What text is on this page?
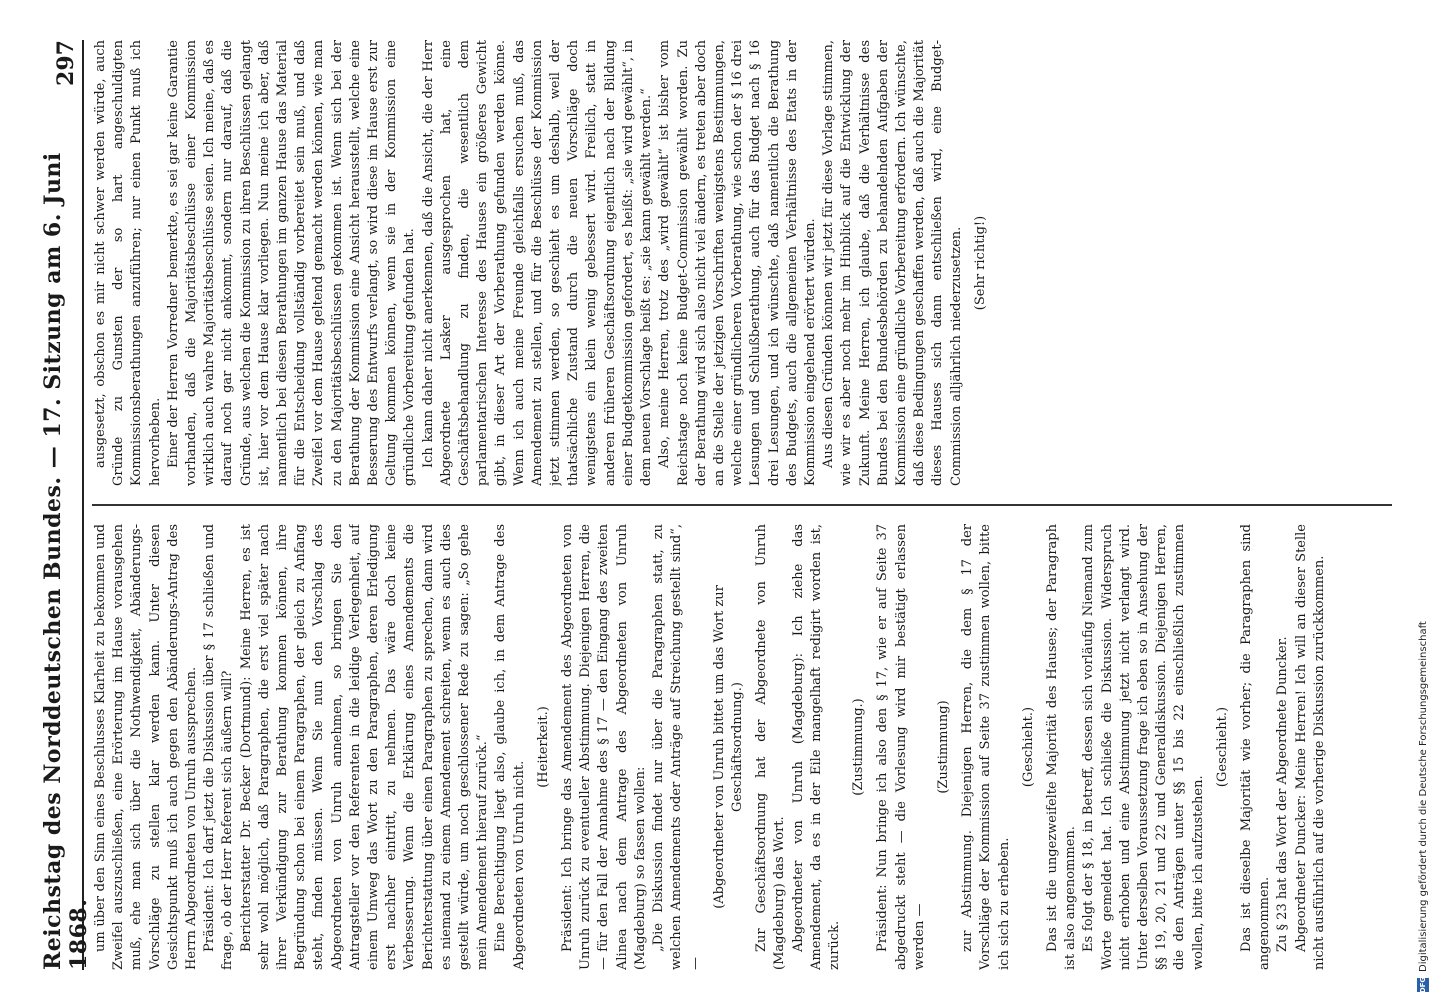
Reichstag des Norddeutschen Bundes. — 17. Sitzung am 6. Juni 1868.
297

um über den Sinn eines Beschlusses Klarheit zu bekommen und Zweifel auszuschließen, eine Erörterung im Hause vorausgehen muß, ehe man sich über die Nothwendigkeit, Abänderungs-Vorschläge zu stellen klar werden kann. Unter diesen Gesichtspunkt muß ich auch gegen den Abänderungs-Antrag des Herrn Abgeordneten von Unruh aussprechen. Präsident: Ich darf jetzt die Diskussion über § 17 schließen und frage, ob der Herr Referent sich äußern will? Berichterstatter Dr. Becker (Dortmund): Meine Herren, es ist sehr wohl möglich, daß Paragraphen, die erst viel später nach ihrer Verkündigung zur Berathung kommen können, ihre Begründung schon bei einem Paragraphen, der gleich zu Anfang steht, finden müssen. Wenn Sie nun den Vorschlag des Abgeordneten von Unruh annehmen, so bringen Sie den Antragsteller vor den Referenten in die leidige Verlegenheit, auf einem Umweg das Wort zu den Paragraphen, deren Erledigung erst nachher eintritt, zu nehmen. Das wäre doch keine Verbesserung. Wenn die Erklärung eines Amendements die Berichterstattung über einen Paragraphen zu sprechen, dann wird es niemand zu einem Amendement schreiten, wenn es auch dies gestellt würde, um noch geschlossener Rede zu sagen: „So gehe mein Amendement hierauf zurück.“ Eine Berechtigung liegt also, glaube ich, in dem Antrage des Abgeordneten von Unruh nicht.

(Heiterkeit.) Präsident: Ich bringe das Amendement des Abgeordneten von Unruh zurück zu eventueller Abstimmung. Diejenigen Herren, die — für den Fall der Annahme des § 17 — den Eingang des zweiten Alinea nach dem Antrage des Abgeordneten von Unruh (Magdeburg) so fassen wollen: „Die Diskussion findet nur über die Paragraphen statt, zu welchen Amendements oder Anträge auf Streichung gestellt sind“, —

(Abgeordneter von Unruh bittet um das Wort zur Geschäftsordnung.) Zur Geschäftsordnung hat der Abgeordnete von Unruh (Magdeburg) das Wort. Abgeordneter von Unruh (Magdeburg): Ich ziehe das Amendement, da es in der Eile mangelhaft redigirt worden ist, zurück.

(Zustimmung.) Präsident: Nun bringe ich also den § 17, wie er auf Seite 37 abgedruckt steht — die Vorlesung wird mir bestätigt erlassen werden —

(Zustimmung) zur Abstimmung. Diejenigen Herren, die dem § 17 der Vorschläge der Kommission auf Seite 37 zustimmen wollen, bitte ich sich zu erheben.

(Geschieht.) Das ist die ungezweifelte Majorität des Hauses; der Paragraph ist also angenommen. Es folgt der § 18, in Betreff, dessen sich vorläufig Niemand zum Worte gemeldet hat. Ich schließe die Diskussion. Widerspruch nicht erhoben und eine Abstimmung jetzt nicht verlangt wird. Unter derselben Voraussetzung frage ich eben so in Ansehung der §§ 19, 20, 21 und 22 und Generaldiskussion. Diejenigen Herren, die den Anträgen unter §§ 15 bis 22 einschließlich zustimmen wollen, bitte ich aufzustehen.

(Geschieht.) Das ist dieselbe Majorität wie vorher; die Paragraphen sind angenommen. Zu § 23 hat das Wort der Abgeordnete Duncker. Abgeordneter Duncker: Meine Herren! Ich will an dieser Stelle nicht ausführlich auf die vorherige Diskussion zurückkommen.

ausgesetzt, obschon es mir nicht schwer werden würde, auch Gründe zu Gunsten der so hart angeschuldigten Kommissionsberathungen anzuführen; nur einen Punkt muß ich hervorheben. Einer der Herren Vorredner bemerkte, es sei gar keine Garantie vorhanden, daß die Majoritätsbeschlüsse einer Kommission wirklich auch wahre Majoritätsbeschlüsse seien. Ich meine, daß es darauf noch gar nicht ankommt, sondern nur darauf, daß die Gründe, aus welchen die Kommission zu ihren Beschlüssen gelangt ist, hier vor dem Hause klar vorliegen. Nun meine ich aber, daß namentlich bei diesen Berathungen im ganzen Hause das Material für die Entscheidung vollständig vorbereitet sein muß, und daß Zweifel vor dem Hause geltend gemacht werden können, wie man zu den Majoritätsbeschlüssen gekommen ist. Wenn sich bei der Berathung der Kommission eine Ansicht herausstellt, welche eine Besserung des Entwurfs verlangt, so wird diese im Hause erst zur Geltung kommen können, wenn sie in der Kommission eine gründliche Vorbereitung gefunden hat. Ich kann daher nicht anerkennen, daß die Ansicht, die der Herr Abgeordnete Lasker ausgesprochen hat, eine Geschäftsbehandlung zu finden, die wesentlich dem parlamentarischen Interesse des Hauses ein größeres Gewicht gibt, in dieser Art der Vorberathung gefunden werden könne. Wenn ich auch meine Freunde gleichfalls ersuchen muß, das Amendement zu stellen, und für die Beschlüsse der Kommission jetzt stimmen werden, so geschieht es um deshalb, weil der thatsächliche Zustand durch die neuen Vorschläge doch wenigstens ein klein wenig gebessert wird. Freilich, statt in anderen früheren Geschäftsordnung eigentlich nach der Bildung einer Budgetkommission gefordert, es heißt: „sie wird gewählt“, in dem neuen Vorschlage heißt es: „sie kann gewählt werden.“ Also, meine Herren, trotz des „wird gewählt“ ist bisher vom Reichstage noch keine Budget-Commission gewählt worden. Zu der Berathung wird sich also nicht viel ändern, es treten aber doch an die Stelle der jetzigen Vorschriften wenigstens Bestimmungen, welche einer gründlicheren Vorberathung, wie schon der § 16 drei Lesungen und Schlußberathung, auch für das Budget nach § 16 drei Lesungen, und ich wünschte, daß namentlich die Berathung des Budgets, auch die allgemeinen Verhältnisse des Etats in der Kommission eingehend erörtert würden. Aus diesen Gründen können wir jetzt für diese Vorlage stimmen, wie wir es aber noch mehr im Hinblick auf die Entwicklung der Zukunft. Meine Herren, ich glaube, daß die Verhältnisse des Bundes bei den Bundesbehörden zu behandelnden Aufgaben der Kommission eine gründliche Vorbereitung erfordern. Ich wünschte, daß diese Bedingungen geschaffen werden, daß auch die Majorität dieses Hauses sich dann entschließen wird, eine Budget-Commission alljährlich niederzusetzen. (Sehr richtig!)

DFG
Digitalisierung gefördert durch die Deutsche Forschungsgemeinschaft
